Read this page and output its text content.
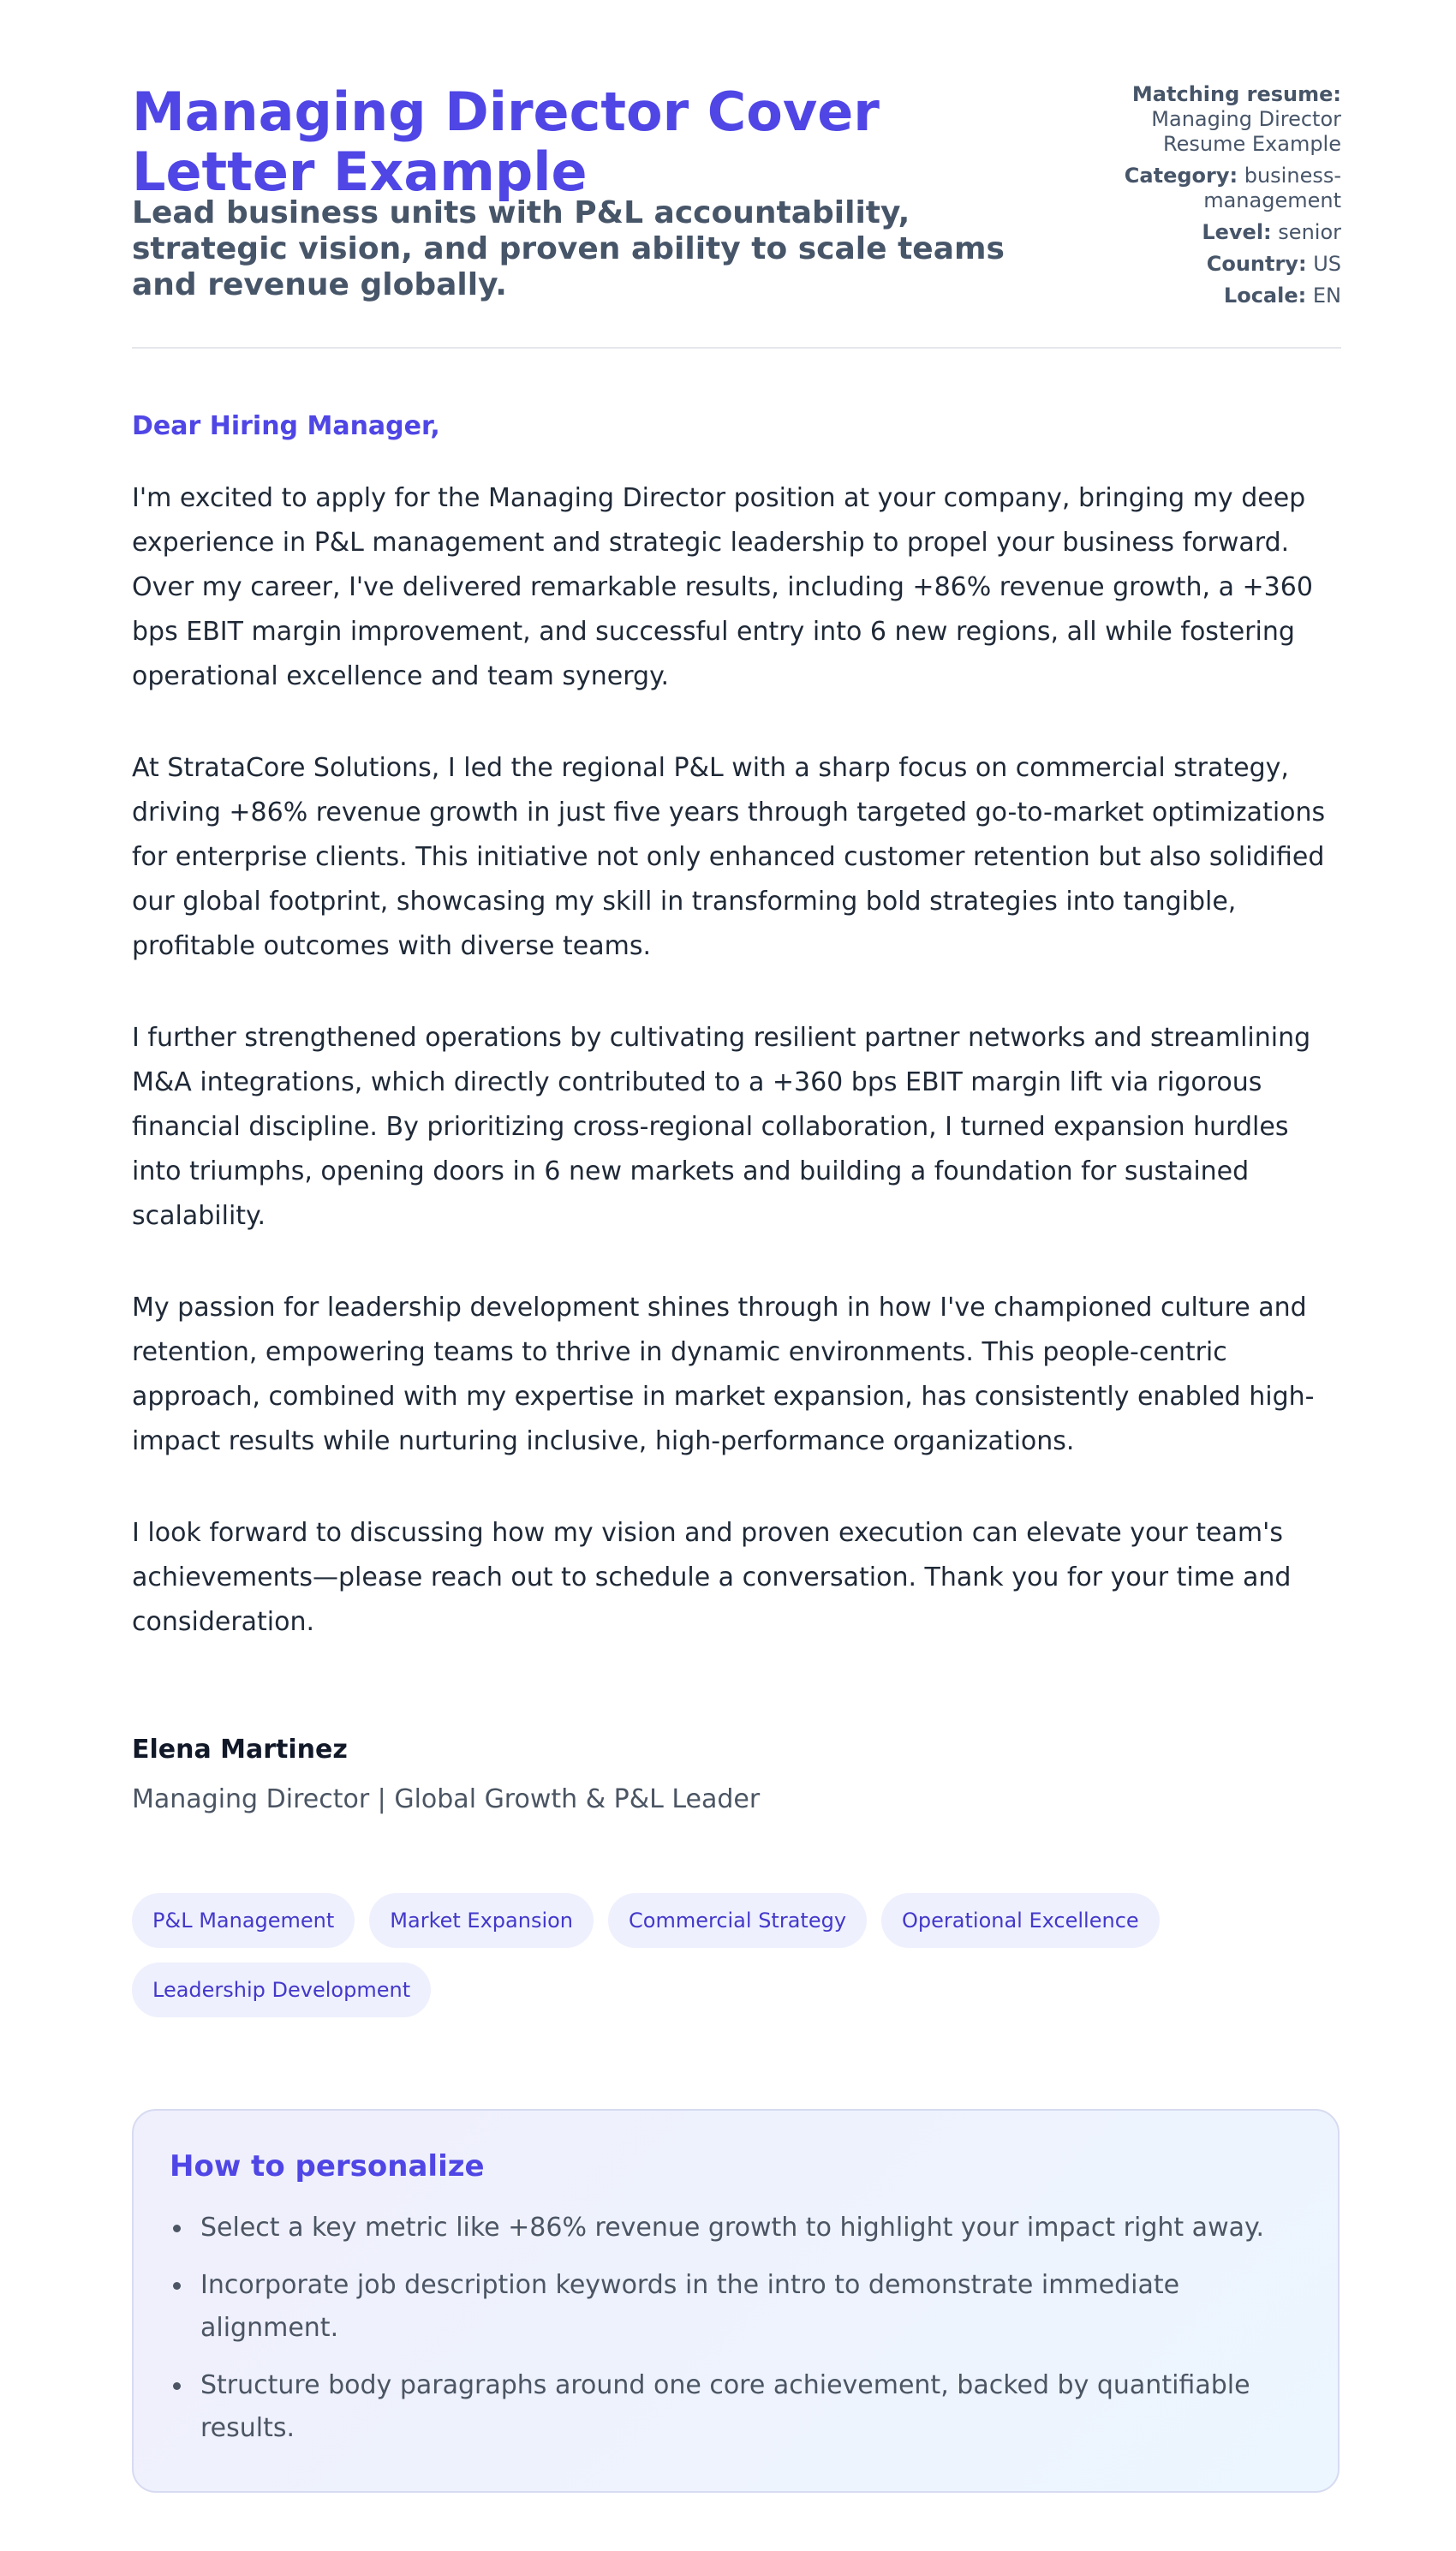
Managing Director Cover Letter Example
Lead business units with P&L accountability, strategic vision, and proven ability to scale teams and revenue globally.
Matching resume:
Managing Director Resume Example
Category: business-management
Level: senior
Country: US
Locale: EN

Dear Hiring Manager,

I'm excited to apply for the Managing Director position at your company, bringing my deep experience in P&L management and strategic leadership to propel your business forward. Over my career, I've delivered remarkable results, including +86% revenue growth, a +360 bps EBIT margin improvement, and successful entry into 6 new regions, all while fostering operational excellence and team synergy.

At StrataCore Solutions, I led the regional P&L with a sharp focus on commercial strategy, driving +86% revenue growth in just five years through targeted go-to-market optimizations for enterprise clients. This initiative not only enhanced customer retention but also solidified our global footprint, showcasing my skill in transforming bold strategies into tangible, profitable outcomes with diverse teams.

I further strengthened operations by cultivating resilient partner networks and streamlining M&A integrations, which directly contributed to a +360 bps EBIT margin lift via rigorous financial discipline. By prioritizing cross-regional collaboration, I turned expansion hurdles into triumphs, opening doors in 6 new markets and building a foundation for sustained scalability.

My passion for leadership development shines through in how I've championed culture and retention, empowering teams to thrive in dynamic environments. This people-centric approach, combined with my expertise in market expansion, has consistently enabled high-impact results while nurturing inclusive, high-performance organizations.

I look forward to discussing how my vision and proven execution can elevate your team's achievements—please reach out to schedule a conversation. Thank you for your time and consideration.

Elena Martinez

Managing Director | Global Growth & P&L Leader

P&L Management	Market Expansion	Commercial Strategy	Operational Excellence
Leadership Development
How to personalize
Select a key metric like +86% revenue growth to highlight your impact right away.
Incorporate job description keywords in the intro to demonstrate immediate alignment.
Structure body paragraphs around one core achievement, backed by quantifiable results.
